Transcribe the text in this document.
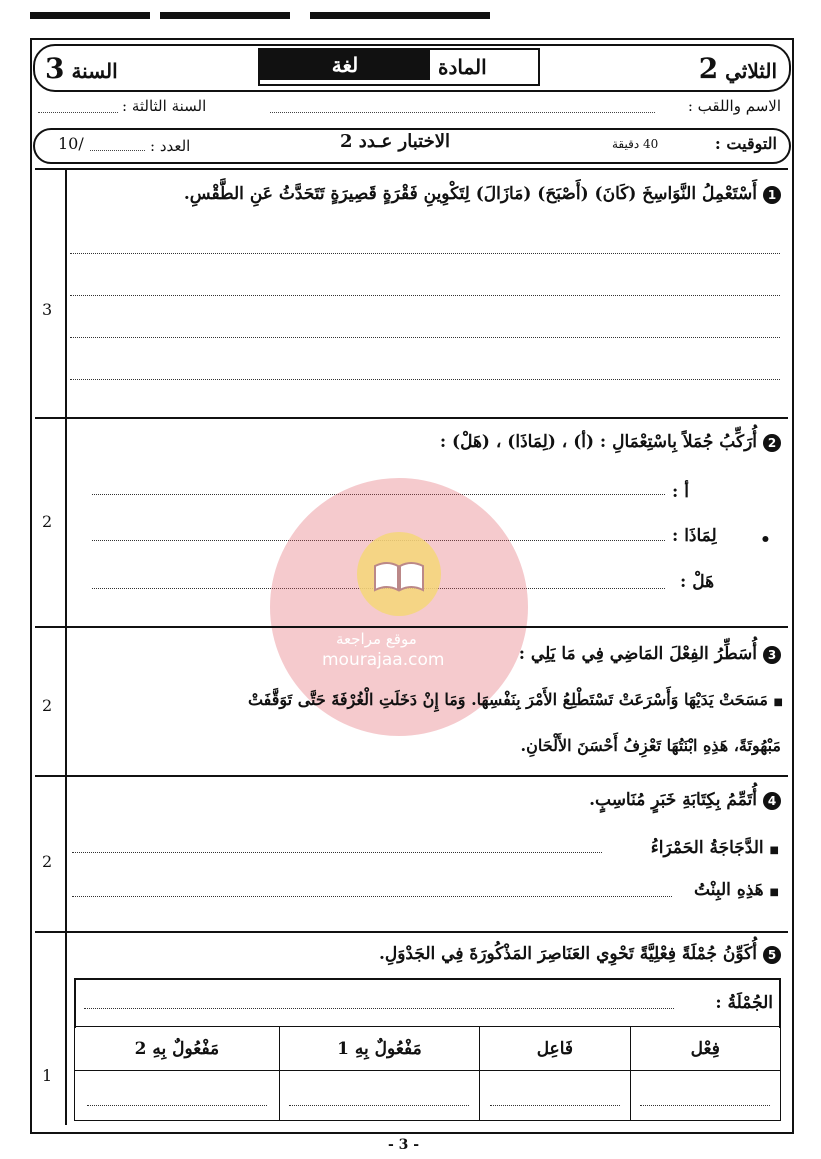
السنة 3	لغة	المادة	الثلاثي 2
الاسم واللقب :
السنة الثالثة :
التوقيت :
40 دقيقة
الاختبار عـدد 2
العدد :
10/
3
1أَسْتَعْمِلُ النَّوَاسِخَ (كَانَ) (أَصْبَحَ) (مَازَالَ) لِتَكْوِينِ فَقْرَةٍ قَصِيرَةٍ تَتَحَدَّثُ عَنِ الطَّقْسِ.
2
2أُرَكِّبُ جُمَلاً بِاسْتِعْمَالِ : (أ) ، (لِمَاذَا) ، (هَلْ) :
أ :
•
لِمَاذَا :
هَلْ :
موقع مراجعة
mourajaa.com
2
3أُسَطِّرُ الفِعْلَ المَاضِي فِي مَا يَلِي :
■ مَسَحَتْ يَدَيْهَا وَأَسْرَعَتْ تَسْتَطْلِعُ الأَمْرَ بِنَفْسِهَا. وَمَا إِنْ دَخَلَتِ الْغُرْفَةَ حَتَّى تَوَقَّفَتْ
مَبْهُوتَةً، هَذِهِ ابْنَتُهَا تَعْزِفُ أَحْسَنَ الأَلْحَانِ.
2
4أُتَمِّمُ بِكِتَابَةِ خَبَرٍ مُنَاسِبٍ.
■ الدَّجَاجَةُ الحَمْرَاءُ
■ هَذِهِ البِنْتُ
1
5أُكَوِّنُ جُمْلَةً فِعْلِيَّةً تَحْوِي العَنَاصِرَ المَذْكُورَةَ فِي الجَدْوَلِ.
الجُمْلَةُ :
مَفْعُولٌ بِهِ 2	مَفْعُولٌ بِهِ 1	فَاعِل	فِعْل

- 3 -
